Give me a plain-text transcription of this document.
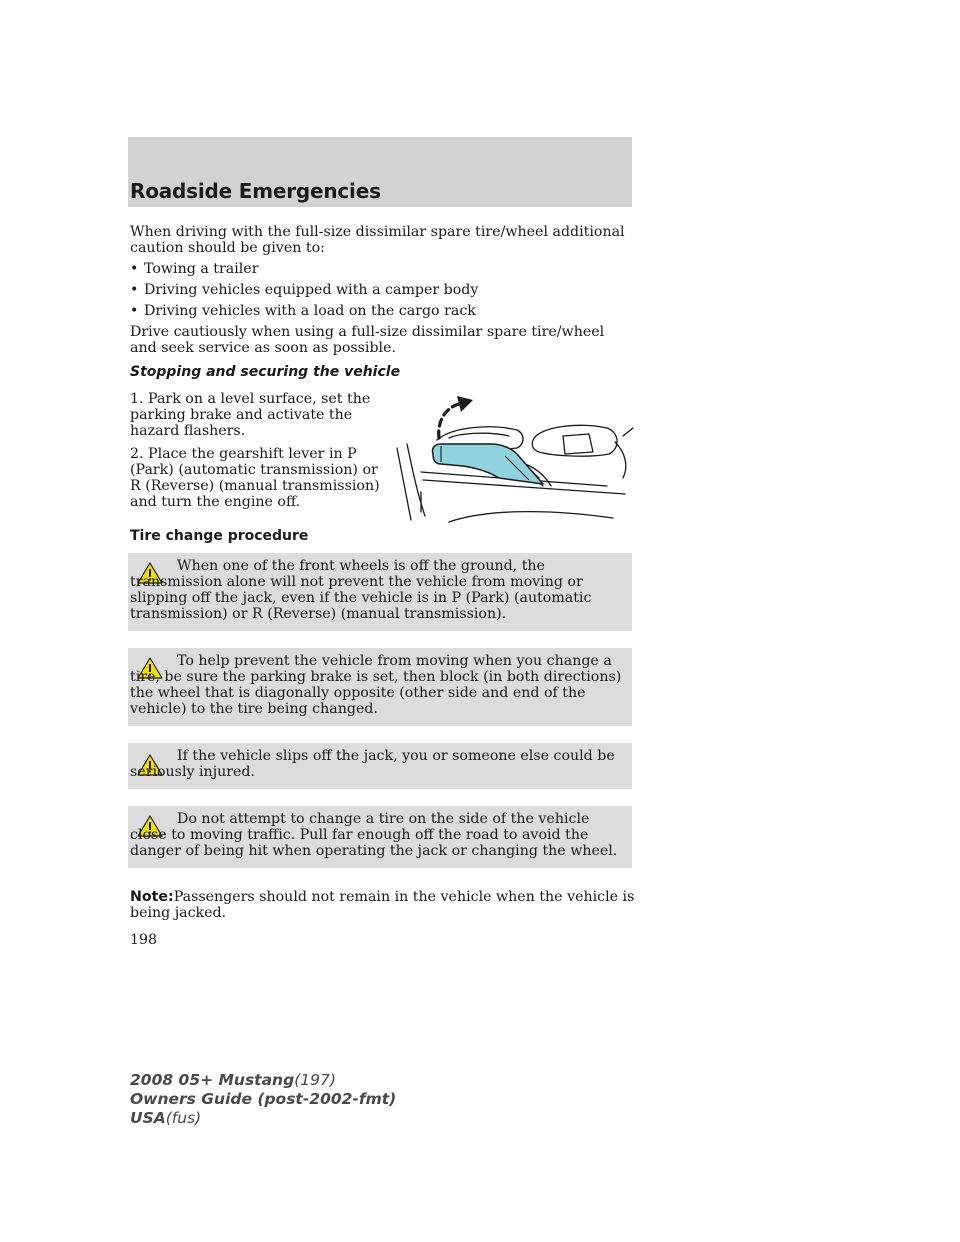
Roadside Emergencies

When driving with the full-size dissimilar spare tire/wheel additional caution should be given to:

• Towing a trailer

• Driving vehicles equipped with a camper body

• Driving vehicles with a load on the cargo rack

Drive cautiously when using a full-size dissimilar spare tire/wheel and seek service as soon as possible.

Stopping and securing the vehicle

1. Park on a level surface, set the parking brake and activate the hazard flashers.

2. Place the gearshift lever in P (Park) (automatic transmission) or R (Reverse) (manual transmission) and turn the engine off.

Tire change procedure

When one of the front wheels is off the ground, the transmission alone will not prevent the vehicle from moving or slipping off the jack, even if the vehicle is in P (Park) (automatic transmission) or R (Reverse) (manual transmission).

To help prevent the vehicle from moving when you change a tire, be sure the parking brake is set, then block (in both directions) the wheel that is diagonally opposite (other side and end of the vehicle) to the tire being changed.

If the vehicle slips off the jack, you or someone else could be seriously injured.

Do not attempt to change a tire on the side of the vehicle close to moving traffic. Pull far enough off the road to avoid the danger of being hit when operating the jack or changing the wheel.

Note:Passengers should not remain in the vehicle when the vehicle is being jacked.

198

2008 05+ Mustang(197)
Owners Guide (post-2002-fmt)
USA(fus)
